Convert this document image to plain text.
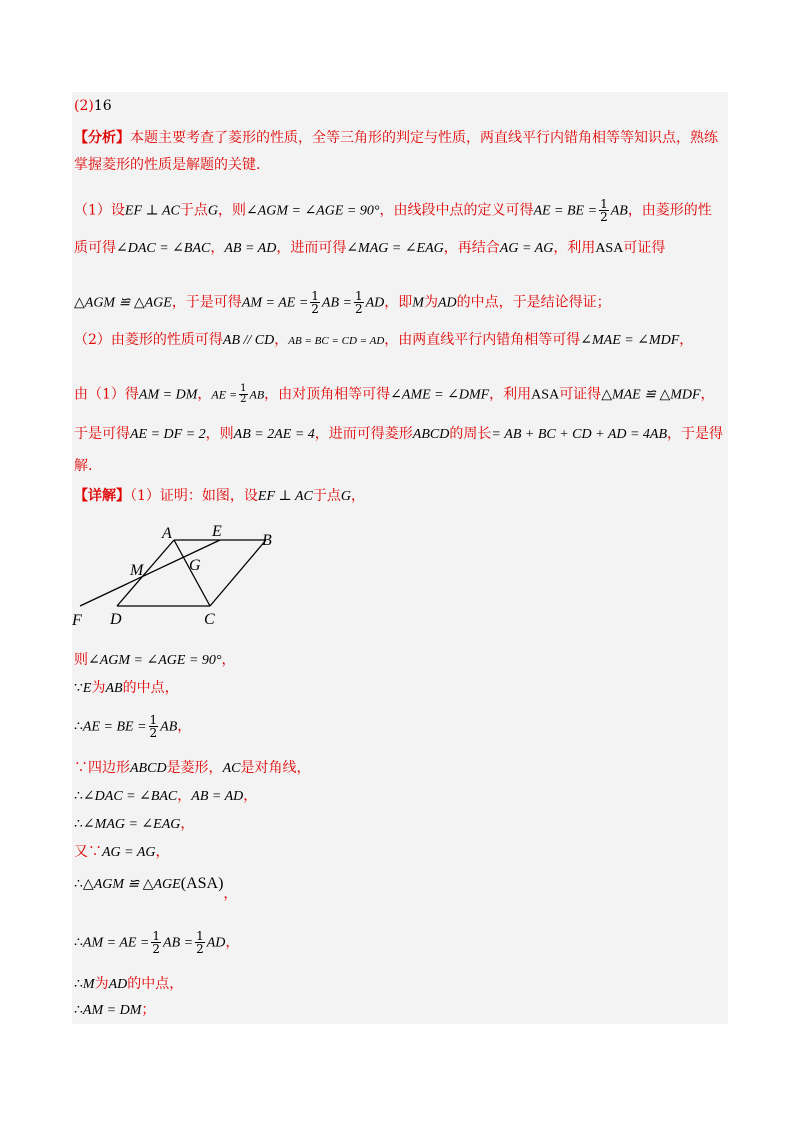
(2)16
【分析】本题主要考查了菱形的性质，全等三角形的判定与性质，两直线平行内错角相等等知识点，熟练
掌握菱形的性质是解题的关键.
（1）设EF ⊥ AC于点G，则∠AGM = ∠AGE = 90°，由线段中点的定义可得AE = BE = $\frac{1}{2}$ AB，由菱形的性
质可得∠DAC = ∠BAC，AB = AD，进而可得∠MAG = ∠EAG，再结合AG = AG，利用ASA可证得
△AGM ≌ △AGE，于是可得AM = AE = $\frac{1}{2}$ AB = $\frac{1}{2}$ AD，即M为AD的中点，于是结论得证；
（2）由菱形的性质可得AB // CD，AB = BC = CD = AD，由两直线平行内错角相等可得∠MAE = ∠MDF，
由（1）得AM = DM，AE = $\frac{1}{2}$ AB，由对顶角相等可得∠AME = ∠DMF，利用ASA可证得△MAE ≌ △MDF，
于是可得AE = DF = 2，则AB = 2AE = 4，进而可得菱形ABCD的周长= AB + BC + CD + AD = 4AB，于是得
解.
【详解】（1）证明：如图，设EF ⊥ AC于点G，
A	E
B
M	G
F D	C
则∠AGM = ∠AGE = 90°，
∵E为AB的中点，
∴AE = BE = $\frac{1}{2}$ AB，
∵四边形ABCD是菱形，AC是对角线，
∴∠DAC = ∠BAC，AB = AD，
∴∠MAG = ∠EAG，
又∵AG = AG，
∴△AGM ≌ △AGE(ASA)，
∴AM = AE = $\frac{1}{2}$ AB = $\frac{1}{2}$ AD，
∴M为AD的中点，
∴AM = DM；
